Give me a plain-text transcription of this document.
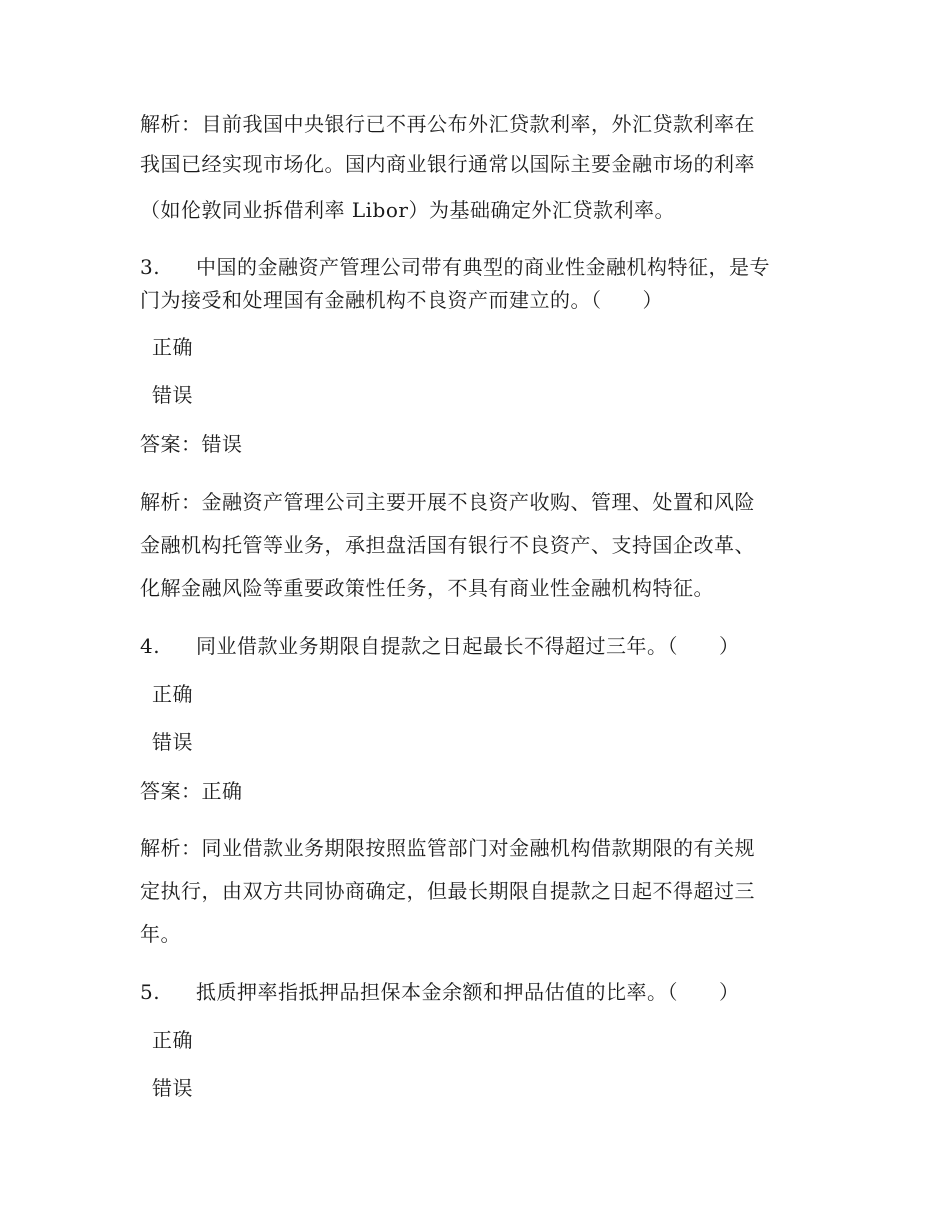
解析：目前我国中央银行已不再公布外汇贷款利率，外汇贷款利率在
我国已经实现市场化。国内商业银行通常以国际主要金融市场的利率
（如伦敦同业拆借利率 Libor）为基础确定外汇贷款利率。
3. 中国的金融资产管理公司带有典型的商业性金融机构特征，是专
门为接受和处理国有金融机构不良资产而建立的。（　　）
正确
错误
答案：错误
解析：金融资产管理公司主要开展不良资产收购、管理、处置和风险
金融机构托管等业务，承担盘活国有银行不良资产、支持国企改革、
化解金融风险等重要政策性任务，不具有商业性金融机构特征。
4. 同业借款业务期限自提款之日起最长不得超过三年。（　　）
正确
错误
答案：正确
解析：同业借款业务期限按照监管部门对金融机构借款期限的有关规
定执行，由双方共同协商确定，但最长期限自提款之日起不得超过三
年。
5. 抵质押率指抵押品担保本金余额和押品估值的比率。（　　）
正确
错误
